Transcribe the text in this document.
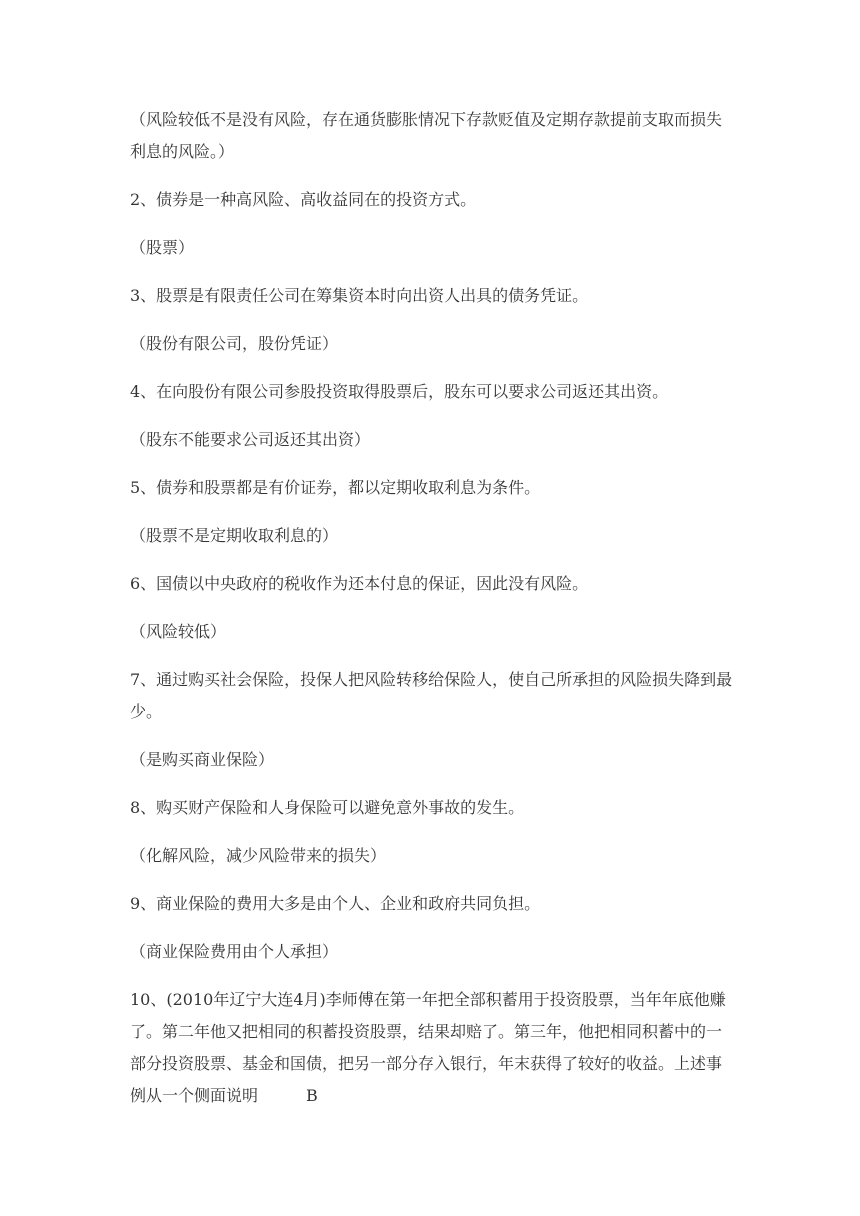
（风险较低不是没有风险，存在通货膨胀情况下存款贬值及定期存款提前支取而损失利息的风险。）

2、债券是一种高风险、高收益同在的投资方式。

（股票）

3、股票是有限责任公司在筹集资本时向出资人出具的债务凭证。

（股份有限公司，股份凭证）

4、在向股份有限公司参股投资取得股票后，股东可以要求公司返还其出资。

（股东不能要求公司返还其出资）

5、债券和股票都是有价证券，都以定期收取利息为条件。

（股票不是定期收取利息的）

6、国债以中央政府的税收作为还本付息的保证，因此没有风险。

（风险较低）

7、通过购买社会保险，投保人把风险转移给保险人，使自己所承担的风险损失降到最少。

（是购买商业保险）

8、购买财产保险和人身保险可以避免意外事故的发生。

（化解风险，减少风险带来的损失）

9、商业保险的费用大多是由个人、企业和政府共同负担。

（商业保险费用由个人承担）

10、(2010年辽宁大连4月)李师傅在第一年把全部积蓄用于投资股票，当年年底他赚了。第二年他又把相同的积蓄投资股票，结果却赔了。第三年，他把相同积蓄中的一部分投资股票、基金和国债，把另一部分存入银行，年末获得了较好的收益。上述事例从一个侧面说明	B
